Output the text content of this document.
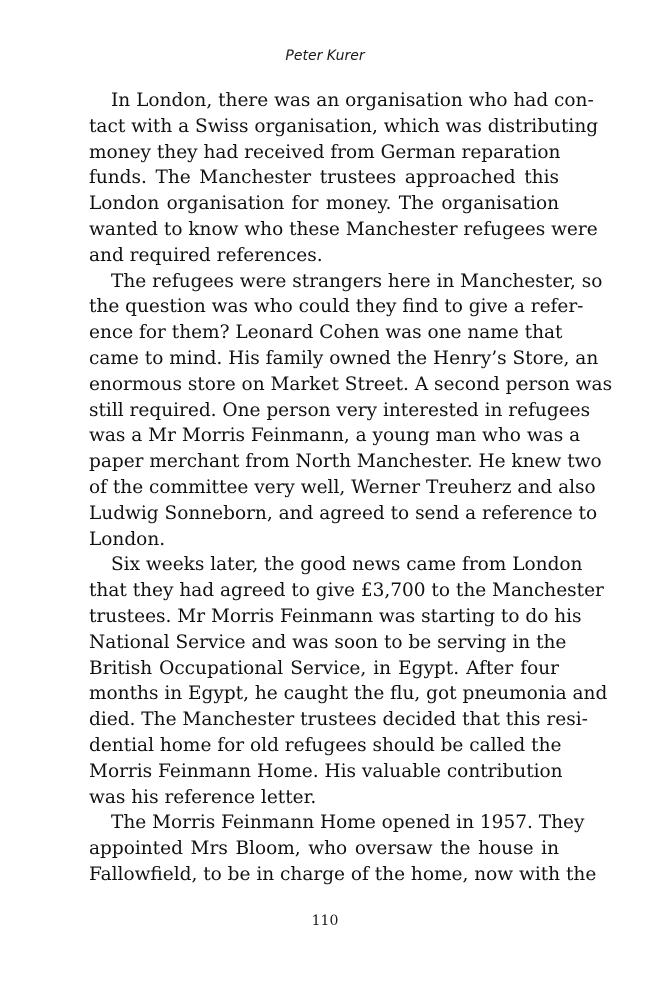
Peter Kurer
In London, there was an organisation who had con-
tact with a Swiss organisation, which was distributing
money they had received from German reparation
funds. The Manchester trustees approached this
London organisation for money. The organisation
wanted to know who these Manchester refugees were
and required references.
The refugees were strangers here in Manchester, so
the question was who could they find to give a refer-
ence for them? Leonard Cohen was one name that
came to mind. His family owned the Henry’s Store, an
enormous store on Market Street. A second person was
still required. One person very interested in refugees
was a Mr Morris Feinmann, a young man who was a
paper merchant from North Manchester. He knew two
of the committee very well, Werner Treuherz and also
Ludwig Sonneborn, and agreed to send a reference to
London.
Six weeks later, the good news came from London
that they had agreed to give £3,700 to the Manchester
trustees. Mr Morris Feinmann was starting to do his
National Service and was soon to be serving in the
British Occupational Service, in Egypt. After four
months in Egypt, he caught the flu, got pneumonia and
died. The Manchester trustees decided that this resi-
dential home for old refugees should be called the
Morris Feinmann Home. His valuable contribution
was his reference letter.
The Morris Feinmann Home opened in 1957. They
appointed Mrs Bloom, who oversaw the house in
Fallowfield, to be in charge of the home, now with the
110
